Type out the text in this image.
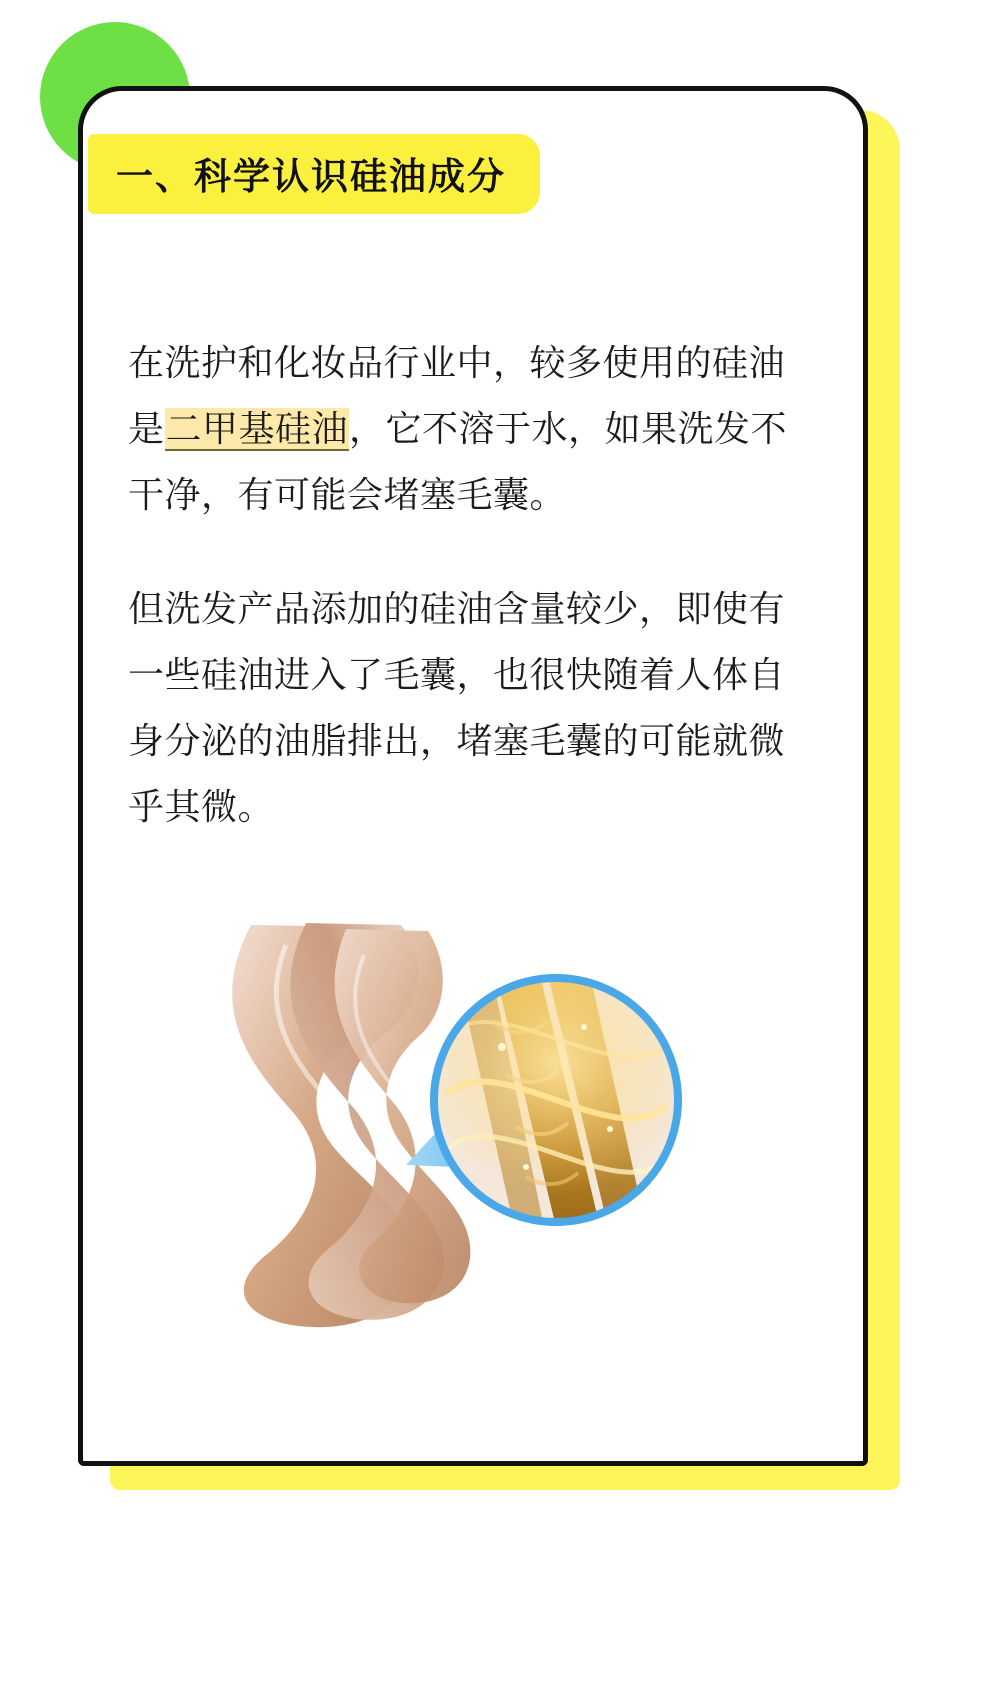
一、科学认识硅油成分

在洗护和化妆品行业中，较多使用的硅油是二甲基硅油，它不溶于水，如果洗发不干净，有可能会堵塞毛囊。

但洗发产品添加的硅油含量较少，即使有一些硅油进入了毛囊，也很快随着人体自身分泌的油脂排出，堵塞毛囊的可能就微乎其微。
